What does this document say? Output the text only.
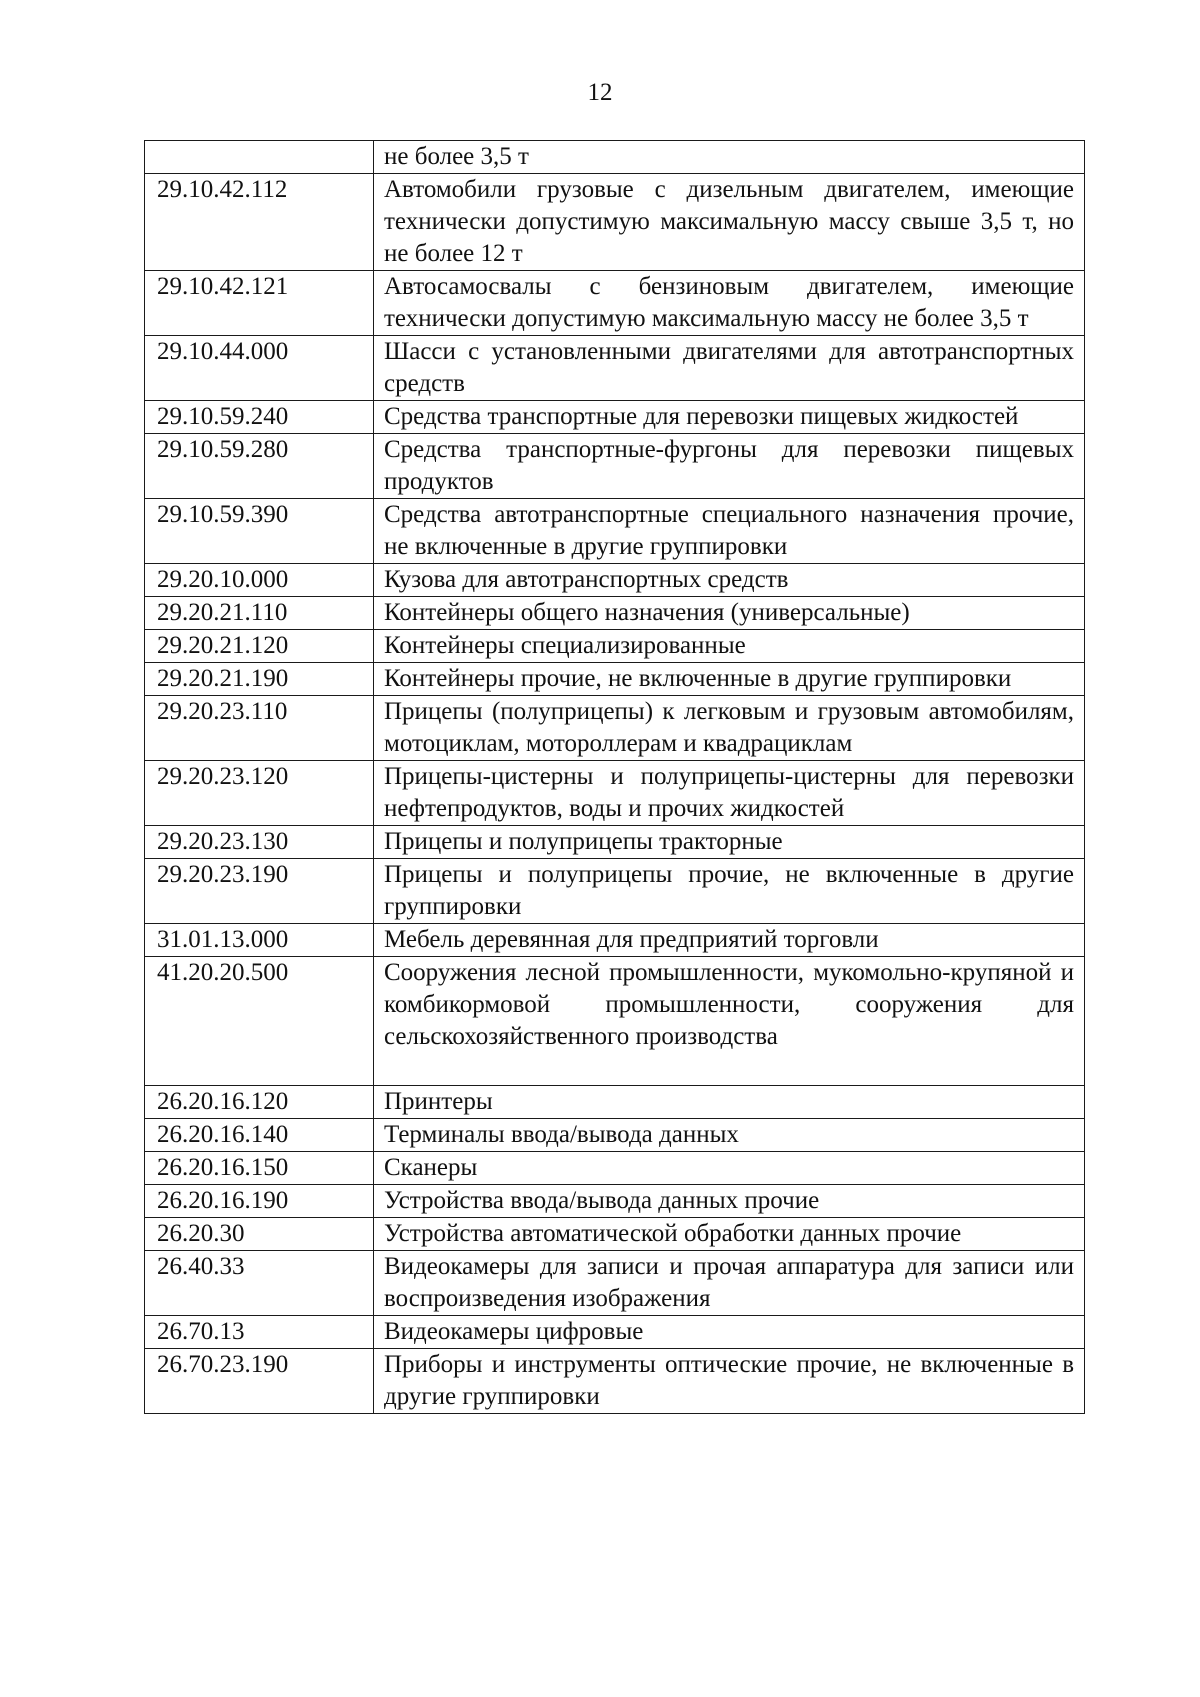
12
	не более 3,5 т
29.10.42.112	Автомобили грузовые с дизельным двигателем, имеющие технически допустимую максимальную массу свыше 3,5 т, но не более 12 т
29.10.42.121	Автосамосвалы с бензиновым двигателем, имеющие технически допустимую максимальную массу не более 3,5 т
29.10.44.000	Шасси с установленными двигателями для автотранспортных средств
29.10.59.240	Средства транспортные для перевозки пищевых жидкостей
29.10.59.280	Средства транспортные-фургоны для перевозки пищевых продуктов
29.10.59.390	Средства автотранспортные специального назначения прочие, не включенные в другие группировки
29.20.10.000	Кузова для автотранспортных средств
29.20.21.110	Контейнеры общего назначения (универсальные)
29.20.21.120	Контейнеры специализированные
29.20.21.190	Контейнеры прочие, не включенные в другие группировки
29.20.23.110	Прицепы (полуприцепы) к легковым и грузовым автомобилям, мотоциклам, мотороллерам и квадрациклам
29.20.23.120	Прицепы-цистерны и полуприцепы-цистерны для перевозки нефтепродуктов, воды и прочих жидкостей
29.20.23.130	Прицепы и полуприцепы тракторные
29.20.23.190	Прицепы и полуприцепы прочие, не включенные в другие группировки
31.01.13.000	Мебель деревянная для предприятий торговли
41.20.20.500	Сооружения лесной промышленности, мукомольно-крупяной и комбикормовой промышленности, сооружения для сельскохозяйственного производства
26.20.16.120	Принтеры
26.20.16.140	Терминалы ввода/вывода данных
26.20.16.150	Сканеры
26.20.16.190	Устройства ввода/вывода данных прочие
26.20.30	Устройства автоматической обработки данных прочие
26.40.33	Видеокамеры для записи и прочая аппаратура для записи или воспроизведения изображения
26.70.13	Видеокамеры цифровые
26.70.23.190	Приборы и инструменты оптические прочие, не включенные в другие группировки
